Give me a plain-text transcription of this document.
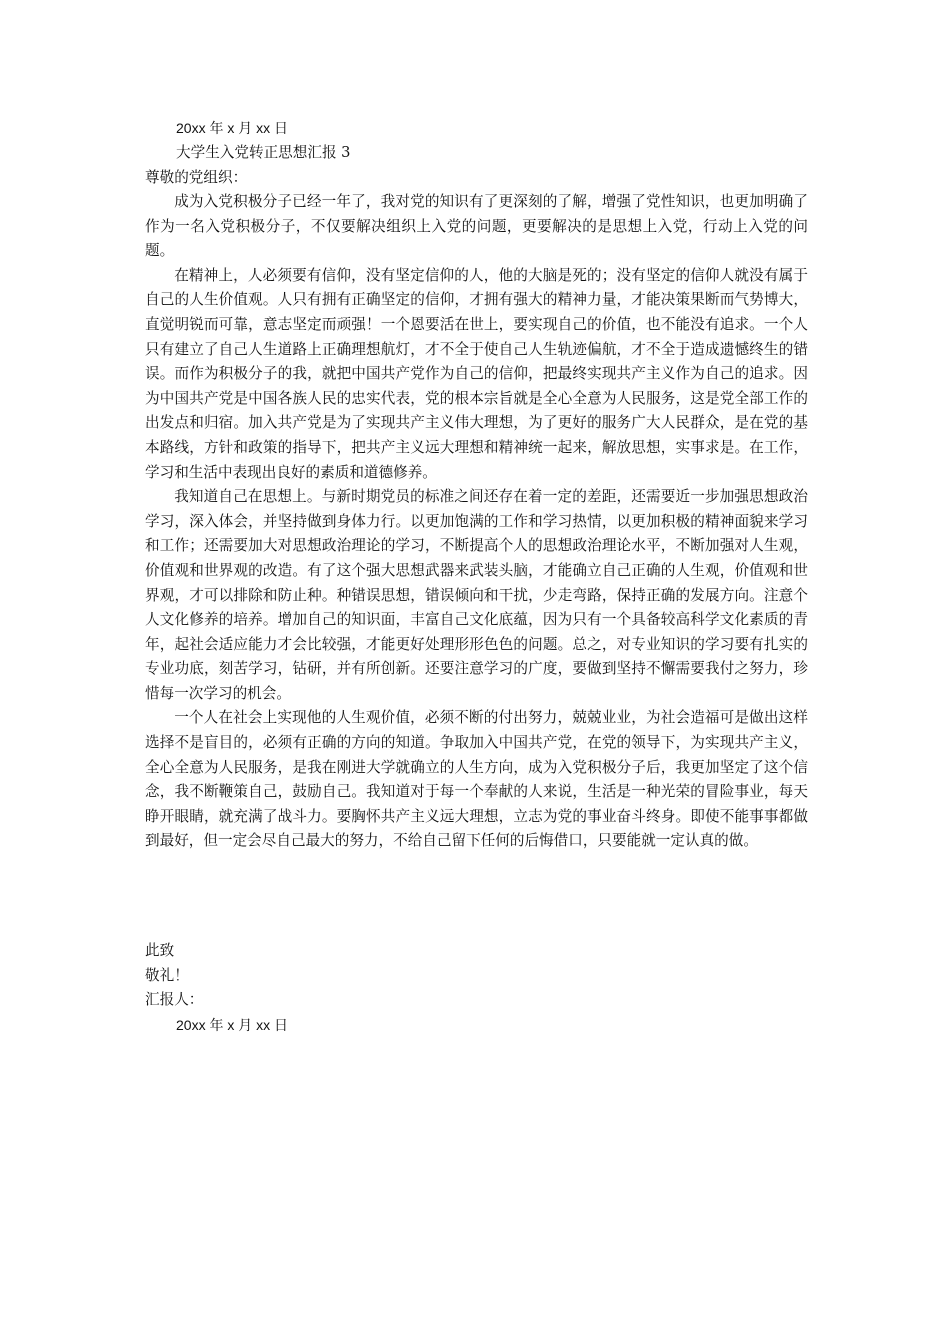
20xx 年 x 月 xx 日
大学生入党转正思想汇报 3
尊敬的党组织：

成为入党积极分子已经一年了，我对党的知识有了更深刻的了解，增强了党性知识，也更加明确了作为一名入党积极分子，不仅要解决组织上入党的问题，更要解决的是思想上入党，行动上入党的问题。

在精神上，人必须要有信仰，没有坚定信仰的人，他的大脑是死的；没有坚定的信仰人就没有属于自己的人生价值观。人只有拥有正确坚定的信仰，才拥有强大的精神力量，才能决策果断而气势博大，直觉明锐而可靠，意志坚定而顽强！一个恩要活在世上，要实现自己的价值，也不能没有追求。一个人只有建立了自己人生道路上正确理想航灯，才不全于使自己人生轨迹偏航，才不全于造成遗憾终生的错误。而作为积极分子的我，就把中国共产党作为自己的信仰，把最终实现共产主义作为自己的追求。因为中国共产党是中国各族人民的忠实代表，党的根本宗旨就是全心全意为人民服务，这是党全部工作的出发点和归宿。加入共产党是为了实现共产主义伟大理想，为了更好的服务广大人民群众，是在党的基本路线，方针和政策的指导下，把共产主义远大理想和精神统一起来，解放思想，实事求是。在工作，学习和生活中表现出良好的素质和道德修养。

我知道自己在思想上。与新时期党员的标准之间还存在着一定的差距，还需要近一步加强思想政治学习，深入体会，并坚持做到身体力行。以更加饱满的工作和学习热情，以更加积极的精神面貌来学习和工作；还需要加大对思想政治理论的学习，不断提高个人的思想政治理论水平，不断加强对人生观，价值观和世界观的改造。有了这个强大思想武器来武装头脑，才能确立自己正确的人生观，价值观和世界观，才可以排除和防止种。种错误思想，错误倾向和干扰，少走弯路，保持正确的发展方向。注意个人文化修养的培养。增加自己的知识面，丰富自己文化底蕴，因为只有一个具备较高科学文化素质的青年，起社会适应能力才会比较强，才能更好处理形形色色的问题。总之，对专业知识的学习要有扎实的专业功底，刻苦学习，钻研，并有所创新。还要注意学习的广度，要做到坚持不懈需要我付之努力，珍惜每一次学习的机会。

一个人在社会上实现他的人生观价值，必须不断的付出努力，兢兢业业，为社会造福可是做出这样选择不是盲目的，必须有正确的方向的知道。争取加入中国共产党，在党的领导下，为实现共产主义，全心全意为人民服务，是我在刚进大学就确立的人生方向，成为入党积极分子后，我更加坚定了这个信念，我不断鞭策自己，鼓励自己。我知道对于每一个奉献的人来说，生活是一种光荣的冒险事业，每天睁开眼睛，就充满了战斗力。要胸怀共产主义远大理想，立志为党的事业奋斗终身。即使不能事事都做到最好，但一定会尽自己最大的努力，不给自己留下任何的后悔借口，只要能就一定认真的做。

此致
敬礼！
汇报人：
20xx 年 x 月 xx 日
